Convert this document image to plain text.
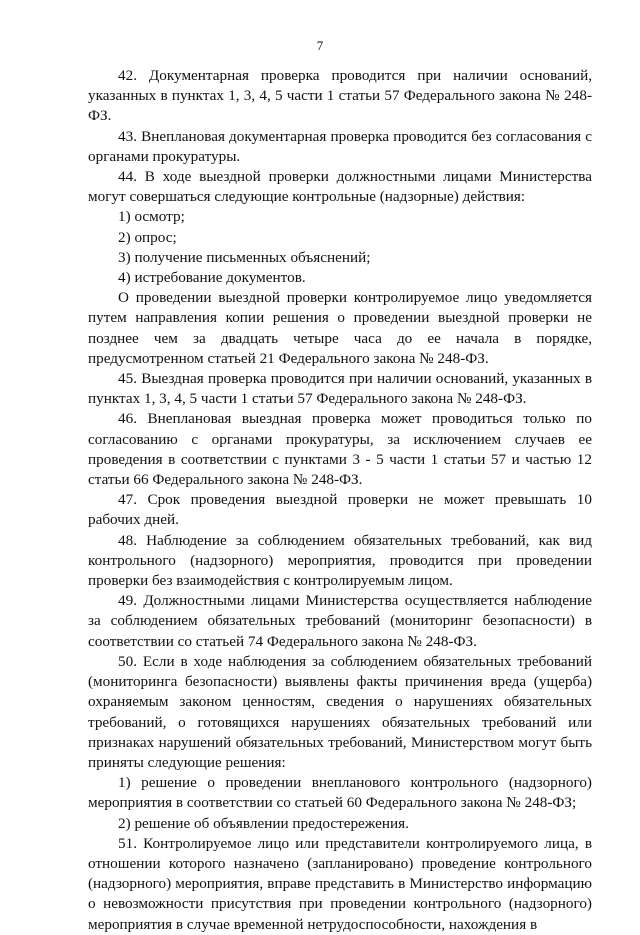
7

42. Документарная проверка проводится при наличии оснований, указанных в пунктах 1, 3, 4, 5 части 1 статьи 57 Федерального закона № 248-ФЗ.

43. Внеплановая документарная проверка проводится без согласования с органами прокуратуры.

44. В ходе выездной проверки должностными лицами Министерства могут совершаться следующие контрольные (надзорные) действия:

1) осмотр;

2) опрос;

3) получение письменных объяснений;

4) истребование документов.

О проведении выездной проверки контролируемое лицо уведомляется путем направления копии решения о проведении выездной проверки не позднее чем за двадцать четыре часа до ее начала в порядке, предусмотренном статьей 21 Федерального закона № 248-ФЗ.

45. Выездная проверка проводится при наличии оснований, указанных в пунктах 1, 3, 4, 5 части 1 статьи 57 Федерального закона № 248-ФЗ.

46. Внеплановая выездная проверка может проводиться только по согласованию с органами прокуратуры, за исключением случаев ее проведения в соответствии с пунктами 3 - 5 части 1 статьи 57 и частью 12 статьи 66 Федерального закона № 248-ФЗ.

47. Срок проведения выездной проверки не может превышать 10 рабочих дней.

48. Наблюдение за соблюдением обязательных требований, как вид контрольного (надзорного) мероприятия, проводится при проведении проверки без взаимодействия с контролируемым лицом.

49. Должностными лицами Министерства осуществляется наблюдение за соблюдением обязательных требований (мониторинг безопасности) в соответствии со статьей 74 Федерального закона № 248-ФЗ.

50. Если в ходе наблюдения за соблюдением обязательных требований (мониторинга безопасности) выявлены факты причинения вреда (ущерба) охраняемым законом ценностям, сведения о нарушениях обязательных требований, о готовящихся нарушениях обязательных требований или признаках нарушений обязательных требований, Министерством могут быть приняты следующие решения:

1) решение о проведении внепланового контрольного (надзорного) мероприятия в соответствии со статьей 60 Федерального закона № 248-ФЗ;

2) решение об объявлении предостережения.

51. Контролируемое лицо или представители контролируемого лица, в отношении которого назначено (запланировано) проведение контрольного (надзорного) мероприятия, вправе представить в Министерство информацию о невозможности присутствия при проведении контрольного (надзорного) мероприятия в случае временной нетрудоспособности, нахождения в
